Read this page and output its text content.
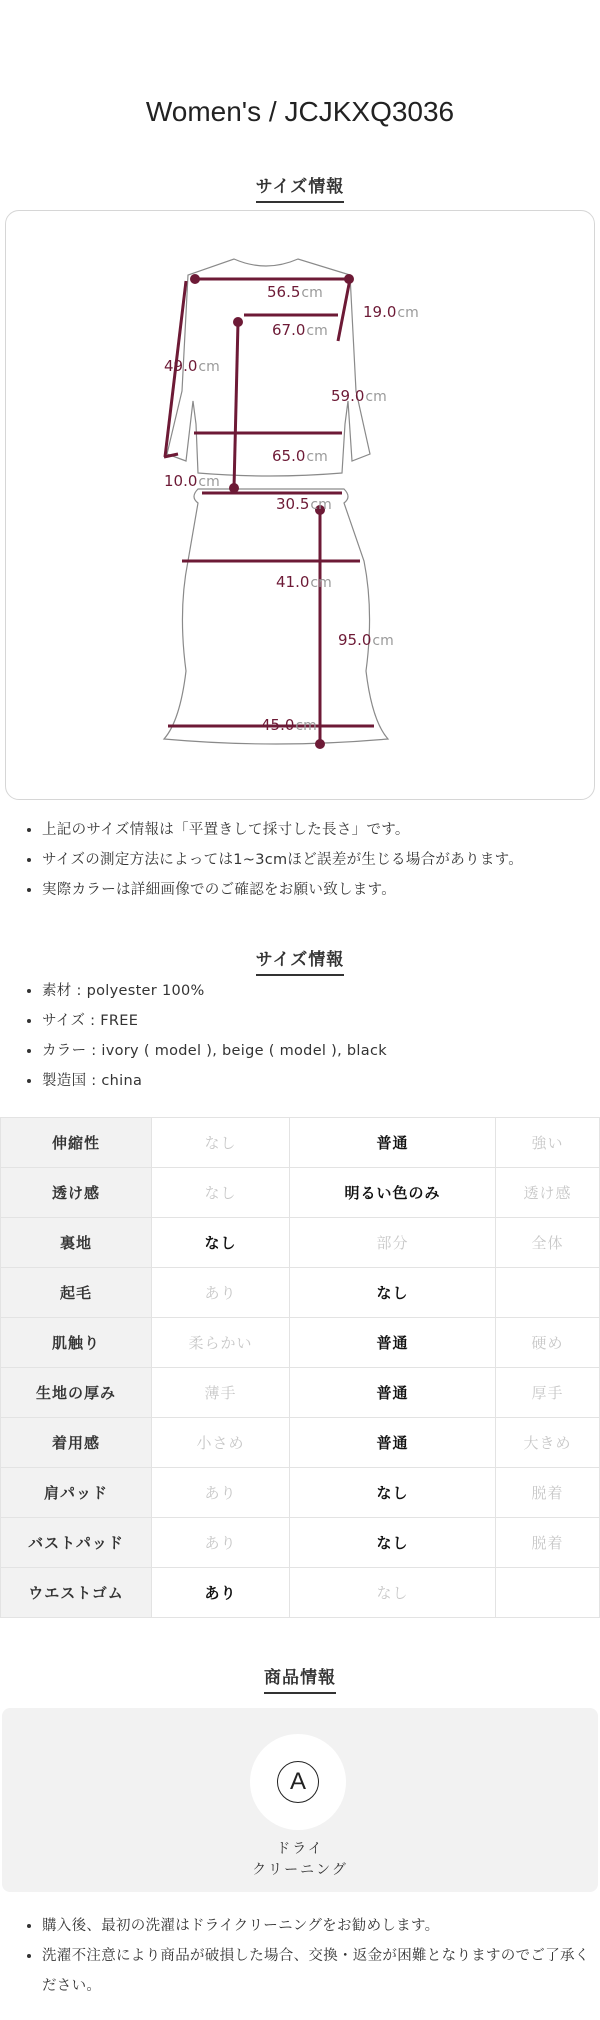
Women's / JCJKXQ3036
サイズ情報
56.5cm
19.0cm
67.0cm
49.0cm
59.0cm
65.0cm
10.0cm
30.5cm
41.0cm
95.0cm
45.0cm
• 上記のサイズ情報は「平置きして採寸した長さ」です。
• サイズの測定方法によっては1~3cmほど誤差が生じる場合があります。
• 実際カラーは詳細画像でのご確認をお願い致します。
サイズ情報
• 素材 : polyester 100%
• サイズ : FREE
• カラー : ivory ( model ), beige ( model ), black
• 製造国 : china
伸縮性	なし	普通	強い
透け感	なし	明るい色のみ	透け感
裏地	なし	部分	全体
起毛	あり	なし	
肌触り	柔らかい	普通	硬め
生地の厚み	薄手	普通	厚手
着用感	小さめ	普通	大きめ
肩パッド	あり	なし	脱着
バストパッド	あり	なし	脱着
ウエストゴム	あり	なし	
商品情報
A
ドライ
クリーニング
• 購入後、最初の洗濯はドライクリーニングをお勧めします。
• 洗濯不注意により商品が破損した場合、交換・返金が困難となりますのでご了承ください。
